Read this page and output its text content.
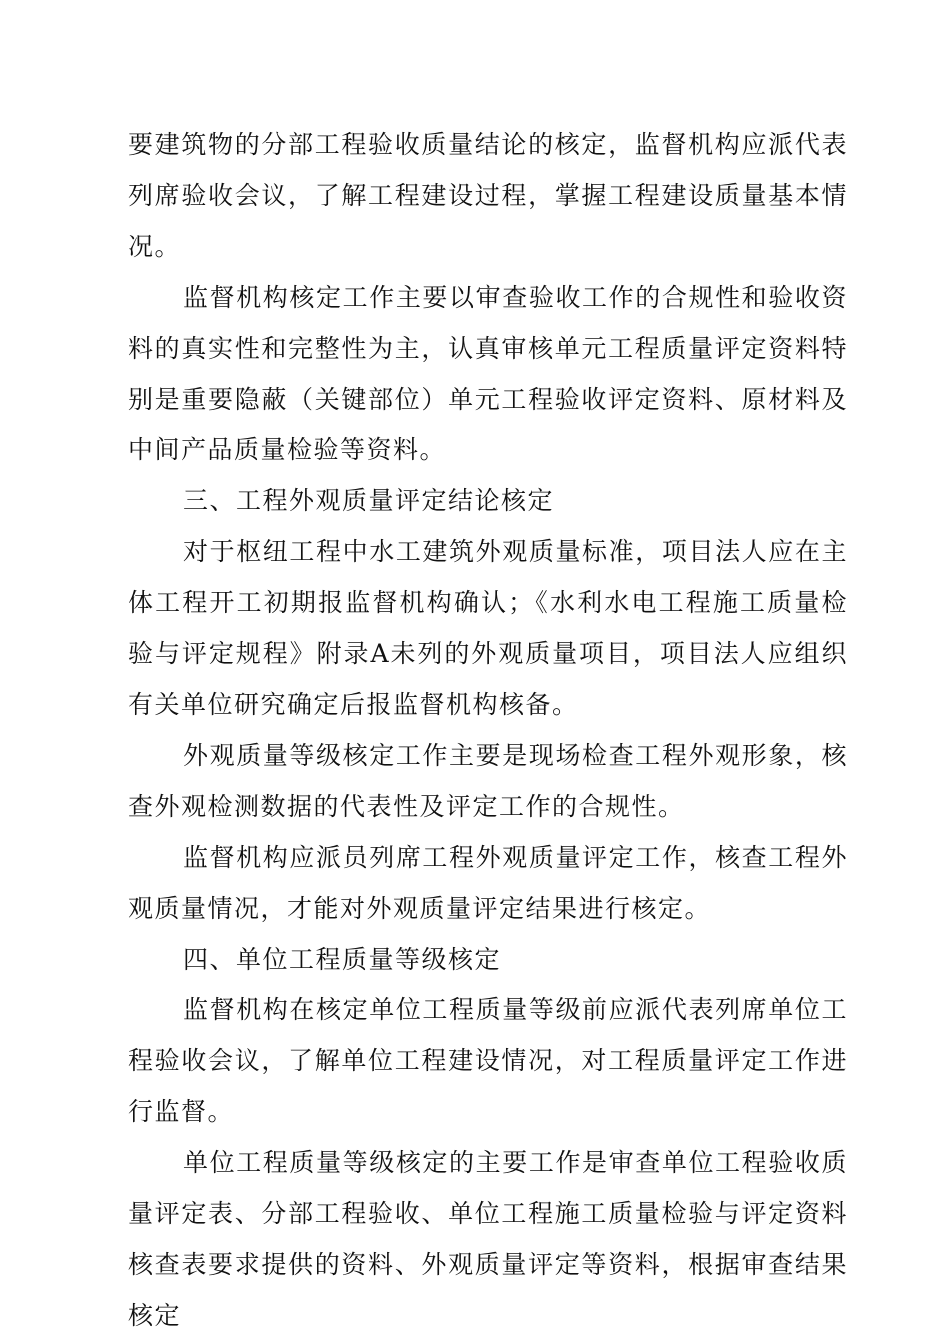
要建筑物的分部工程验收质量结论的核定，监督机构应派代表列席验收会议，了解工程建设过程，掌握工程建设质量基本情况。

监督机构核定工作主要以审查验收工作的合规性和验收资料的真实性和完整性为主，认真审核单元工程质量评定资料特别是重要隐蔽（关键部位）单元工程验收评定资料、原材料及中间产品质量检验等资料。

三、工程外观质量评定结论核定

对于枢纽工程中水工建筑外观质量标准，项目法人应在主体工程开工初期报监督机构确认；《水利水电工程施工质量检验与评定规程》附录A未列的外观质量项目，项目法人应组织有关单位研究确定后报监督机构核备。

外观质量等级核定工作主要是现场检查工程外观形象，核查外观检测数据的代表性及评定工作的合规性。

监督机构应派员列席工程外观质量评定工作，核查工程外观质量情况，才能对外观质量评定结果进行核定。

四、单位工程质量等级核定

监督机构在核定单位工程质量等级前应派代表列席单位工程验收会议，了解单位工程建设情况，对工程质量评定工作进行监督。

单位工程质量等级核定的主要工作是审查单位工程验收质量评定表、分部工程验收、单位工程施工质量检验与评定资料核查表要求提供的资料、外观质量评定等资料，根据审查结果核定
